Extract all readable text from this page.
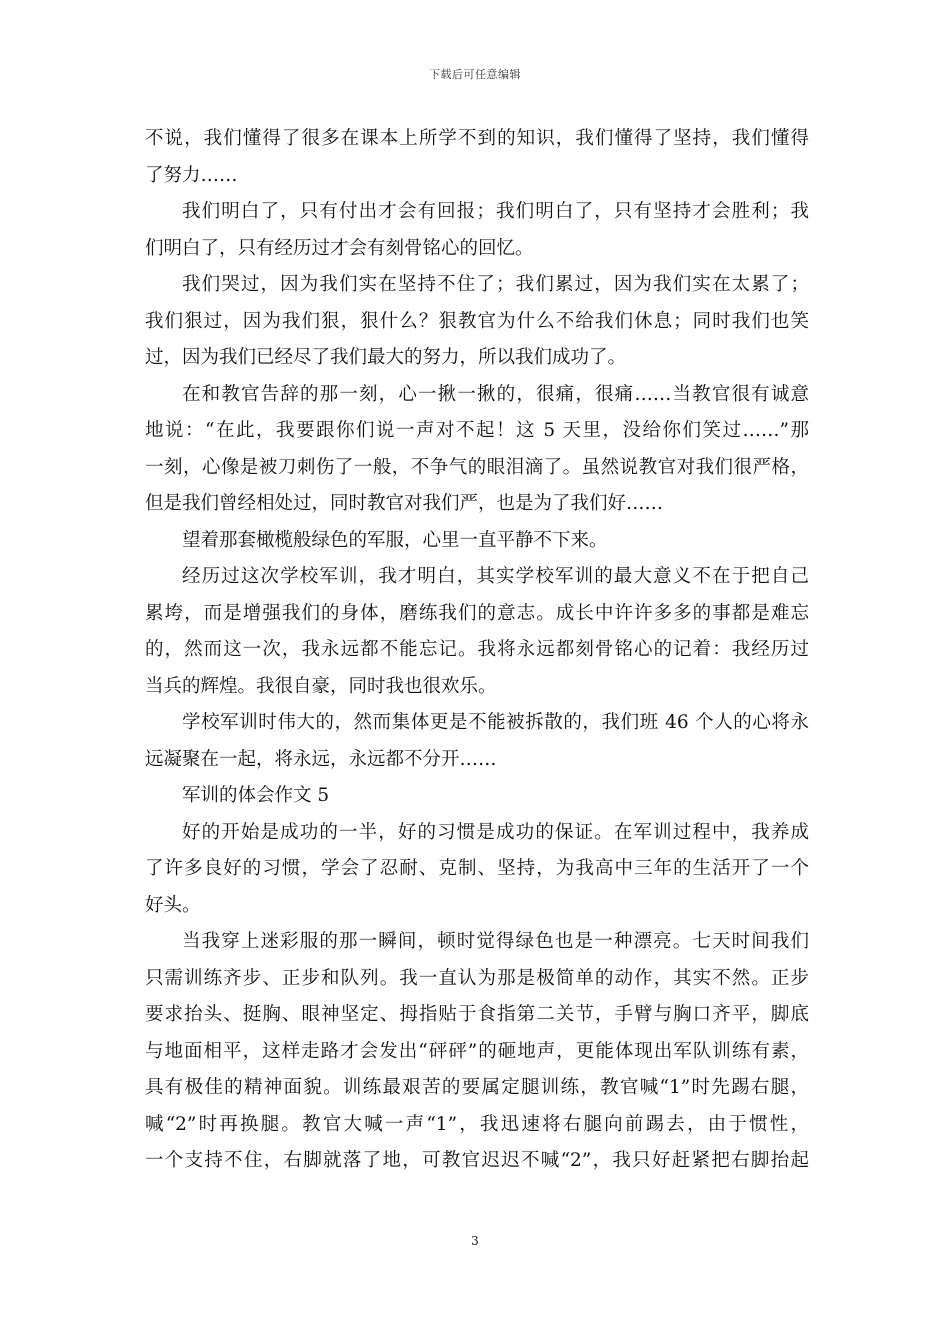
下载后可任意编辑
不说，我们懂得了很多在课本上所学不到的知识，我们懂得了坚持，我们懂得
了努力……
我们明白了，只有付出才会有回报；我们明白了，只有坚持才会胜利；我
们明白了，只有经历过才会有刻骨铭心的回忆。
我们哭过，因为我们实在坚持不住了；我们累过，因为我们实在太累了；
我们狠过，因为我们狠，狠什么？狠教官为什么不给我们休息；同时我们也笑
过，因为我们已经尽了我们最大的努力，所以我们成功了。
在和教官告辞的那一刻，心一揪一揪的，很痛，很痛……当教官很有诚意
地说：“在此，我要跟你们说一声对不起！这 5 天里，没给你们笑过……”那
一刻，心像是被刀刺伤了一般，不争气的眼泪滴了。虽然说教官对我们很严格，
但是我们曾经相处过，同时教官对我们严，也是为了我们好……
望着那套橄榄般绿色的军服，心里一直平静不下来。
经历过这次学校军训，我才明白，其实学校军训的最大意义不在于把自己
累垮，而是增强我们的身体，磨练我们的意志。成长中许许多多的事都是难忘
的，然而这一次，我永远都不能忘记。我将永远都刻骨铭心的记着：我经历过
当兵的辉煌。我很自豪，同时我也很欢乐。
学校军训时伟大的，然而集体更是不能被拆散的，我们班 46 个人的心将永
远凝聚在一起，将永远，永远都不分开……
军训的体会作文 5
好的开始是成功的一半，好的习惯是成功的保证。在军训过程中，我养成
了许多良好的习惯，学会了忍耐、克制、坚持，为我高中三年的生活开了一个
好头。
当我穿上迷彩服的那一瞬间，顿时觉得绿色也是一种漂亮。七天时间我们
只需训练齐步、正步和队列。我一直认为那是极简单的动作，其实不然。正步
要求抬头、挺胸、眼神坚定、拇指贴于食指第二关节，手臂与胸口齐平，脚底
与地面相平，这样走路才会发出“砰砰”的砸地声，更能体现出军队训练有素，
具有极佳的精神面貌。训练最艰苦的要属定腿训练，教官喊“1”时先踢右腿，
喊“2”时再换腿。教官大喊一声“1”，我迅速将右腿向前踢去，由于惯性，
一个支持不住，右脚就落了地，可教官迟迟不喊“2”，我只好赶紧把右脚抬起
3
